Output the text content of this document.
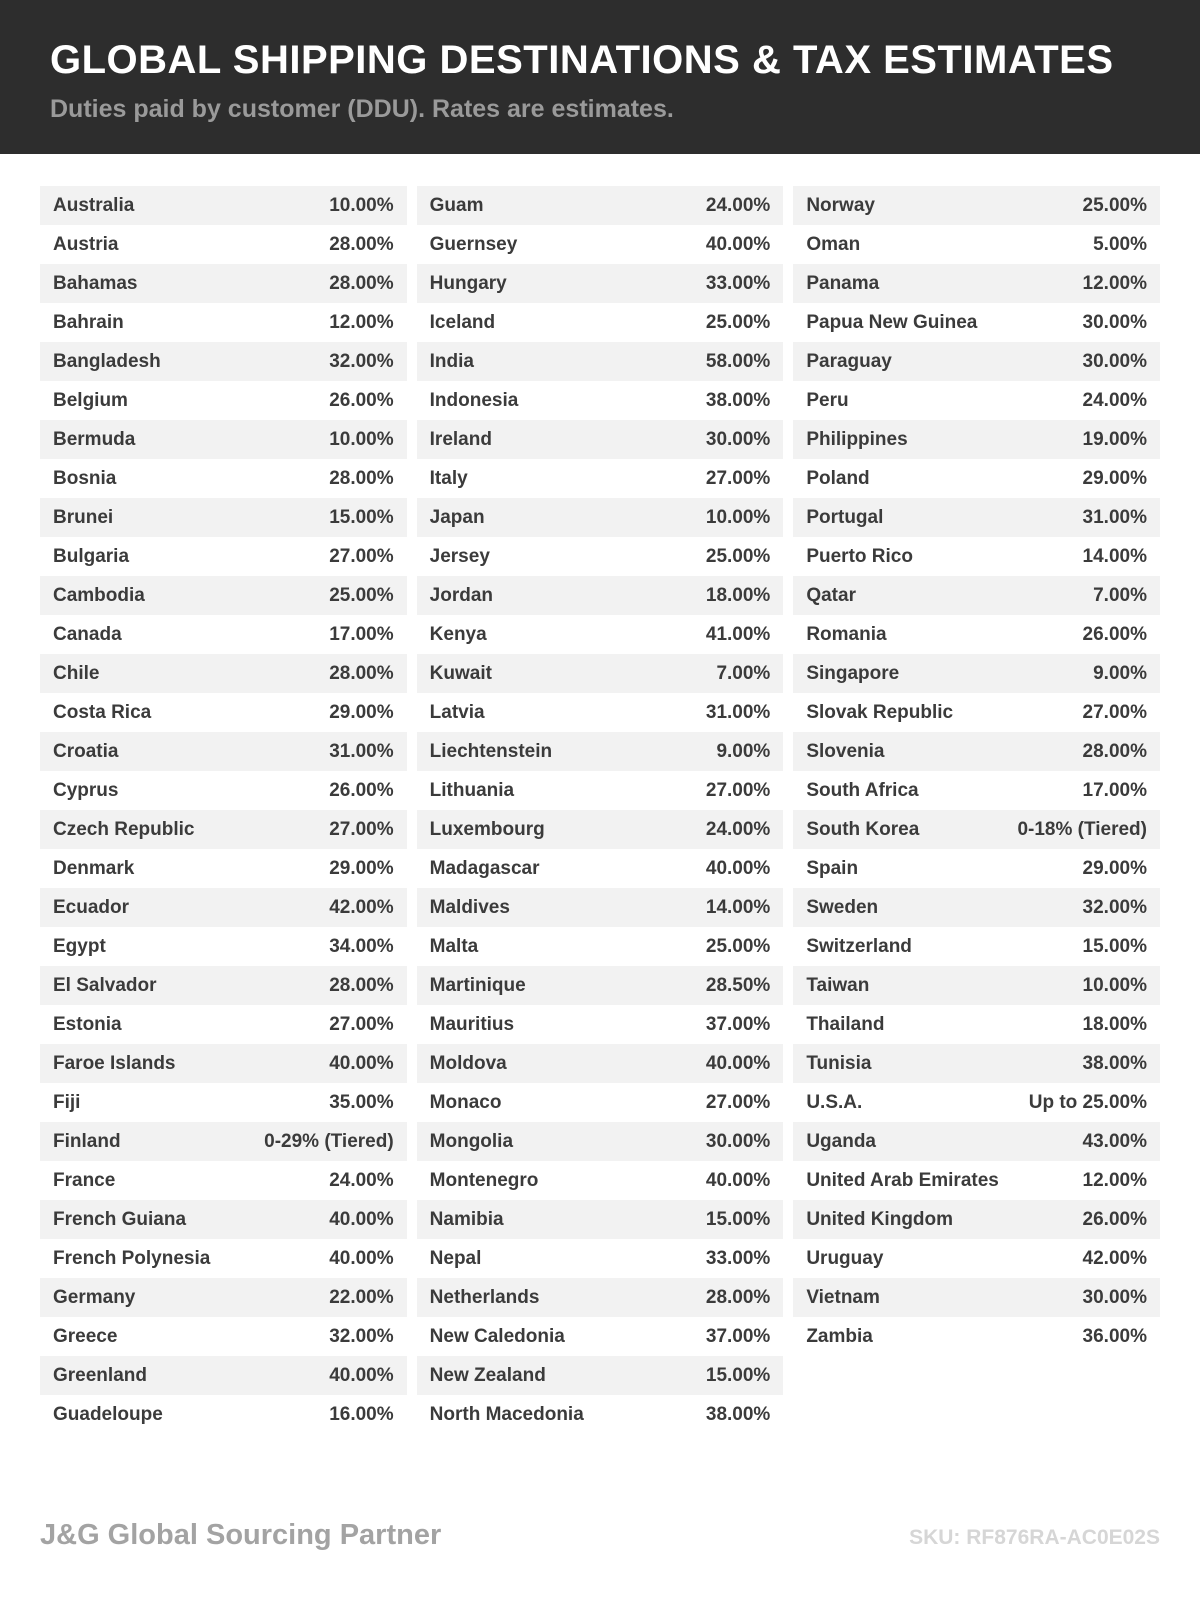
GLOBAL SHIPPING DESTINATIONS & TAX ESTIMATES
Duties paid by customer (DDU). Rates are estimates.
Australia	10.00%
Austria	28.00%
Bahamas	28.00%
Bahrain	12.00%
Bangladesh	32.00%
Belgium	26.00%
Bermuda	10.00%
Bosnia	28.00%
Brunei	15.00%
Bulgaria	27.00%
Cambodia	25.00%
Canada	17.00%
Chile	28.00%
Costa Rica	29.00%
Croatia	31.00%
Cyprus	26.00%
Czech Republic	27.00%
Denmark	29.00%
Ecuador	42.00%
Egypt	34.00%
El Salvador	28.00%
Estonia	27.00%
Faroe Islands	40.00%
Fiji	35.00%
Finland	0-29% (Tiered)
France	24.00%
French Guiana	40.00%
French Polynesia	40.00%
Germany	22.00%
Greece	32.00%
Greenland	40.00%
Guadeloupe	16.00%
Guam	24.00%
Guernsey	40.00%
Hungary	33.00%
Iceland	25.00%
India	58.00%
Indonesia	38.00%
Ireland	30.00%
Italy	27.00%
Japan	10.00%
Jersey	25.00%
Jordan	18.00%
Kenya	41.00%
Kuwait	7.00%
Latvia	31.00%
Liechtenstein	9.00%
Lithuania	27.00%
Luxembourg	24.00%
Madagascar	40.00%
Maldives	14.00%
Malta	25.00%
Martinique	28.50%
Mauritius	37.00%
Moldova	40.00%
Monaco	27.00%
Mongolia	30.00%
Montenegro	40.00%
Namibia	15.00%
Nepal	33.00%
Netherlands	28.00%
New Caledonia	37.00%
New Zealand	15.00%
North Macedonia	38.00%
Norway	25.00%
Oman	5.00%
Panama	12.00%
Papua New Guinea	30.00%
Paraguay	30.00%
Peru	24.00%
Philippines	19.00%
Poland	29.00%
Portugal	31.00%
Puerto Rico	14.00%
Qatar	7.00%
Romania	26.00%
Singapore	9.00%
Slovak Republic	27.00%
Slovenia	28.00%
South Africa	17.00%
South Korea	0-18% (Tiered)
Spain	29.00%
Sweden	32.00%
Switzerland	15.00%
Taiwan	10.00%
Thailand	18.00%
Tunisia	38.00%
U.S.A.	Up to 25.00%
Uganda	43.00%
United Arab Emirates	12.00%
United Kingdom	26.00%
Uruguay	42.00%
Vietnam	30.00%
Zambia	36.00%
J&G Global Sourcing Partner	SKU: RF876RA-AC0E02S
